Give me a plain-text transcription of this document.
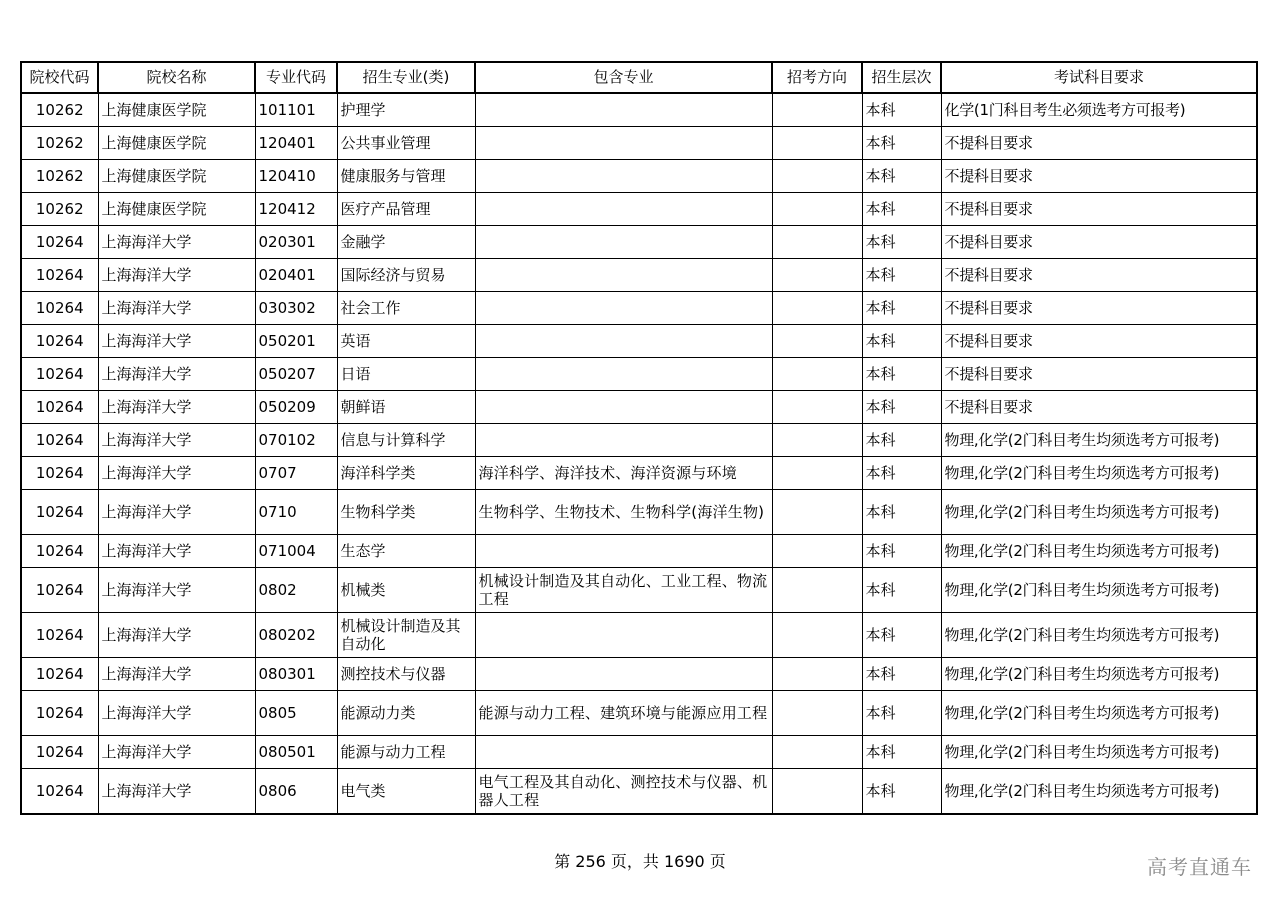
院校代码	院校名称	专业代码	招生专业(类)	包含专业	招考方向	招生层次	考试科目要求
10262	上海健康医学院	101101	护理学			本科	化学(1门科目考生必须选考方可报考)
10262	上海健康医学院	120401	公共事业管理			本科	不提科目要求
10262	上海健康医学院	120410	健康服务与管理			本科	不提科目要求
10262	上海健康医学院	120412	医疗产品管理			本科	不提科目要求
10264	上海海洋大学	020301	金融学			本科	不提科目要求
10264	上海海洋大学	020401	国际经济与贸易			本科	不提科目要求
10264	上海海洋大学	030302	社会工作			本科	不提科目要求
10264	上海海洋大学	050201	英语			本科	不提科目要求
10264	上海海洋大学	050207	日语			本科	不提科目要求
10264	上海海洋大学	050209	朝鲜语			本科	不提科目要求
10264	上海海洋大学	070102	信息与计算科学			本科	物理,化学(2门科目考生均须选考方可报考)
10264	上海海洋大学	0707	海洋科学类	海洋科学、海洋技术、海洋资源与环境		本科	物理,化学(2门科目考生均须选考方可报考)
10264	上海海洋大学	0710	生物科学类	生物科学、生物技术、生物科学(海洋生物)		本科	物理,化学(2门科目考生均须选考方可报考)
10264	上海海洋大学	071004	生态学			本科	物理,化学(2门科目考生均须选考方可报考)
10264	上海海洋大学	0802	机械类	机械设计制造及其自动化、工业工程、物流工程		本科	物理,化学(2门科目考生均须选考方可报考)
10264	上海海洋大学	080202	机械设计制造及其自动化			本科	物理,化学(2门科目考生均须选考方可报考)
10264	上海海洋大学	080301	测控技术与仪器			本科	物理,化学(2门科目考生均须选考方可报考)
10264	上海海洋大学	0805	能源动力类	能源与动力工程、建筑环境与能源应用工程		本科	物理,化学(2门科目考生均须选考方可报考)
10264	上海海洋大学	080501	能源与动力工程			本科	物理,化学(2门科目考生均须选考方可报考)
10264	上海海洋大学	0806	电气类	电气工程及其自动化、测控技术与仪器、机器人工程		本科	物理,化学(2门科目考生均须选考方可报考)
第 256 页，共 1690 页	高考直通车
